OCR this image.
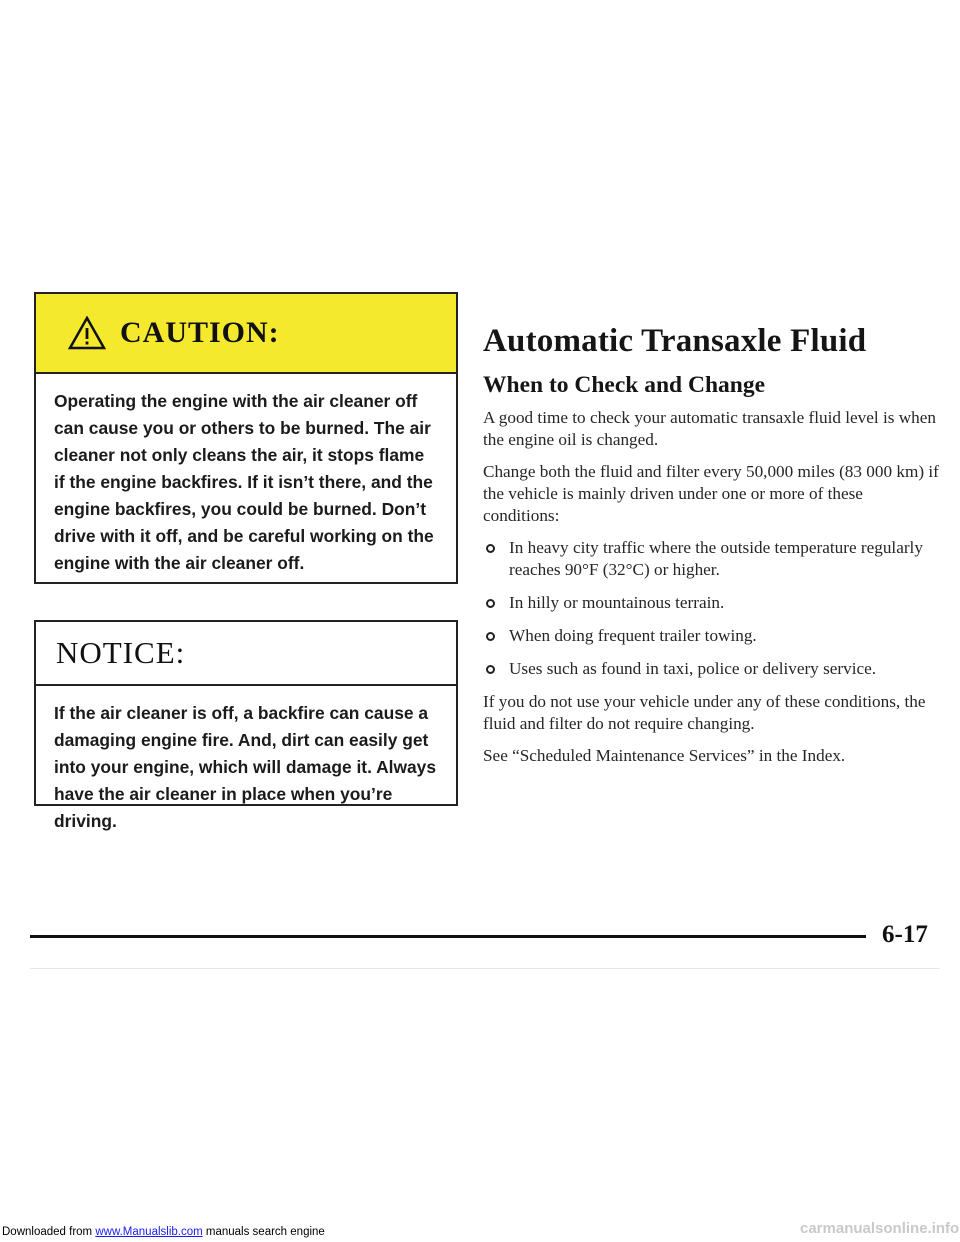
CAUTION:
Operating the engine with the air cleaner off can cause you or others to be burned. The air cleaner not only cleans the air, it stops flame if the engine backfires. If it isn’t there, and the engine backfires, you could be burned. Don’t drive with it off, and be careful working on the engine with the air cleaner off.
NOTICE:
If the air cleaner is off, a backfire can cause a damaging engine fire. And, dirt can easily get into your engine, which will damage it. Always have the air cleaner in place when you’re driving.
Automatic Transaxle Fluid
When to Check and Change

A good time to check your automatic transaxle fluid level is when the engine oil is changed.

Change both the fluid and filter every 50,000 miles (83 000 km) if the vehicle is mainly driven under one or more of these conditions:

In heavy city traffic where the outside temperature regularly reaches 90°F (32°C) or higher.
In hilly or mountainous terrain.
When doing frequent trailer towing.
Uses such as found in taxi, police or delivery service.

If you do not use your vehicle under any of these conditions, the fluid and filter do not require changing.

See “Scheduled Maintenance Services” in the Index.

6-17
Downloaded from www.Manualslib.com manuals search engine	carmanualsonline.info
